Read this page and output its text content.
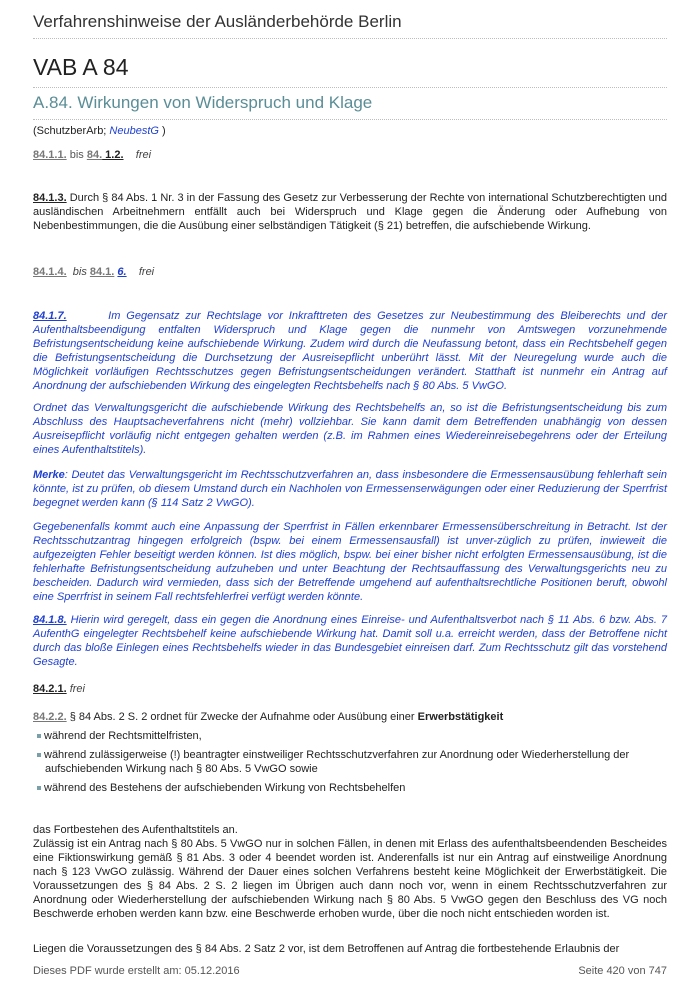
Verfahrenshinweise der Ausländerbehörde Berlin
VAB A 84
A.84. Wirkungen von Widerspruch und Klage
(SchutzberArb; NeubestG )
84.1.1. bis 84. 1.2. frei
84.1.3. Durch § 84 Abs. 1 Nr. 3 in der Fassung des Gesetz zur Verbesserung der Rechte von international Schutzberechtigten und ausländischen Arbeitnehmern entfällt auch bei Widerspruch und Klage gegen die Änderung oder Aufhebung von Nebenbestimmungen, die die Ausübung einer selbständigen Tätigkeit (§ 21) betreffen, die aufschiebende Wirkung.
84.1.4. bis 84.1. 6. frei
84.1.7.	Im Gegensatz zur Rechtslage vor Inkrafttreten des Gesetzes zur Neubestimmung des Bleiberechts und der Aufenthaltsbeendigung entfalten Widerspruch und Klage gegen die nunmehr von Amtswegen vorzunehmende Befristungsentscheidung keine aufschiebende Wirkung. Zudem wird durch die Neufassung betont, dass ein Rechtsbehelf gegen die Befristungsentscheidung die Durchsetzung der Ausreisepflicht unberührt lässt. Mit der Neuregelung wurde auch die Möglichkeit vorläufigen Rechtsschutzes gegen Befristungsentscheidungen verändert. Statthaft ist nunmehr ein Antrag auf Anordnung der aufschiebenden Wirkung des eingelegten Rechtsbehelfs nach § 80 Abs. 5 VwGO.
Ordnet das Verwaltungsgericht die aufschiebende Wirkung des Rechtsbehelfs an, so ist die Befristungsentscheidung bis zum Abschluss des Hauptsacheverfahrens nicht (mehr) vollziehbar. Sie kann damit dem Betreffenden unabhängig von dessen Ausreisepflicht vorläufig nicht entgegen gehalten werden (z.B. im Rahmen eines Wiedereinreisebegehrens oder der Erteilung eines Aufenthaltstitels).
Merke: Deutet das Verwaltungsgericht im Rechtsschutzverfahren an, dass insbesondere die Ermessensausübung fehlerhaft sein könnte, ist zu prüfen, ob diesem Umstand durch ein Nachholen von Ermessenserwägungen oder einer Reduzierung der Sperrfrist begegnet werden kann (§ 114 Satz 2 VwGO).
Gegebenenfalls kommt auch eine Anpassung der Sperrfrist in Fällen erkennbarer Ermessensüberschreitung in Betracht. Ist der Rechtsschutzantrag hingegen erfolgreich (bspw. bei einem Ermessensausfall) ist unver-züglich zu prüfen, inwieweit die aufgezeigten Fehler beseitigt werden können. Ist dies möglich, bspw. bei einer bisher nicht erfolgten Ermessensausübung, ist die fehlerhafte Befristungsentscheidung aufzuheben und unter Beachtung der Rechtsauffassung des Verwaltungsgerichts neu zu bescheiden. Dadurch wird vermieden, dass sich der Betreffende umgehend auf aufenthaltsrechtliche Positionen beruft, obwohl eine Sperrfrist in seinem Fall rechtsfehlerfrei verfügt werden könnte.
84.1.8. Hierin wird geregelt, dass ein gegen die Anordnung eines Einreise- und Aufenthaltsverbot nach § 11 Abs. 6 bzw. Abs. 7 AufenthG eingelegter Rechtsbehelf keine aufschiebende Wirkung hat. Damit soll u.a. erreicht werden, dass der Betroffene nicht durch das bloße Einlegen eines Rechtsbehelfs wieder in das Bundesgebiet einreisen darf. Zum Rechtsschutz gilt das vorstehend Gesagte.
84.2.1. frei
84.2.2. § 84 Abs. 2 S. 2 ordnet für Zwecke der Aufnahme oder Ausübung einer Erwerbstätigkeit
während der Rechtsmittelfristen,
während zulässigerweise (!) beantragter einstweiliger Rechtsschutzverfahren zur Anordnung oder Wiederherstellung der aufschiebenden Wirkung nach § 80 Abs. 5 VwGO sowie
während des Bestehens der aufschiebenden Wirkung von Rechtsbehelfen
das Fortbestehen des Aufenthaltstitels an.
Zulässig ist ein Antrag nach § 80 Abs. 5 VwGO nur in solchen Fällen, in denen mit Erlass des aufenthaltsbeendenden Bescheides eine Fiktionswirkung gemäß § 81 Abs. 3 oder 4 beendet worden ist. Anderenfalls ist nur ein Antrag auf einstweilige Anordnung nach § 123 VwGO zulässig. Während der Dauer eines solchen Verfahrens besteht keine Möglichkeit der Erwerbstätigkeit. Die Voraussetzungen des § 84 Abs. 2 S. 2 liegen im Übrigen auch dann noch vor, wenn in einem Rechtsschutzverfahren zur Anordnung oder Wiederherstellung der aufschiebenden Wirkung nach § 80 Abs. 5 VwGO gegen den Beschluss des VG noch Beschwerde erhoben werden kann bzw. eine Beschwerde erhoben wurde, über die noch nicht entschieden worden ist.
Liegen die Voraussetzungen des § 84 Abs. 2 Satz 2 vor, ist dem Betroffenen auf Antrag die fortbestehende Erlaubnis der
Dieses PDF wurde erstellt am: 05.12.2016	Seite 420 von 747
